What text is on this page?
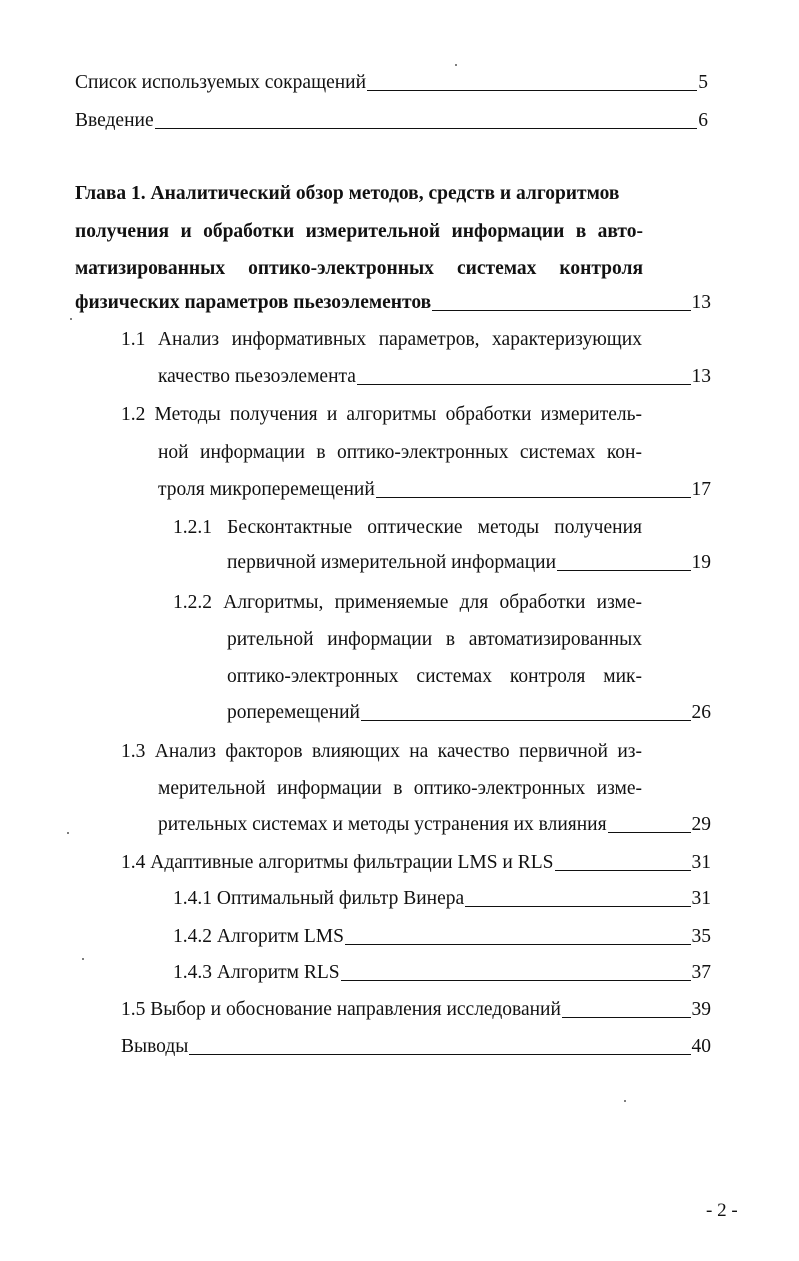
Список используемых сокращений	5
Введение	6
Глава 1. Аналитический обзор методов, средств и алгоритмов
получения и обработки измерительной информации в авто-
матизированных оптико-электронных системах контроля
физических параметров пьезоэлементов	13
1.1 Анализ информативных параметров, характеризующих
качество пьезоэлемента	13
1.2 Методы получения и алгоритмы обработки измеритель-
ной информации в оптико-электронных системах кон-
троля микроперемещений	17
1.2.1 Бесконтактные оптические методы получения
первичной измерительной информации	19
1.2.2 Алгоритмы, применяемые для обработки изме-
рительной информации в автоматизированных
оптико-электронных системах контроля мик-
роперемещений	26
1.3 Анализ факторов влияющих на качество первичной из-
мерительной информации в оптико-электронных изме-
рительных системах и методы устранения их влияния	29
1.4 Адаптивные алгоритмы фильтрации LMS и RLS	31
1.4.1 Оптимальный фильтр Винера	31
1.4.2 Алгоритм LMS	35
1.4.3 Алгоритм RLS	37
1.5 Выбор и обоснование направления исследований	39
Выводы	40
- 2 -
